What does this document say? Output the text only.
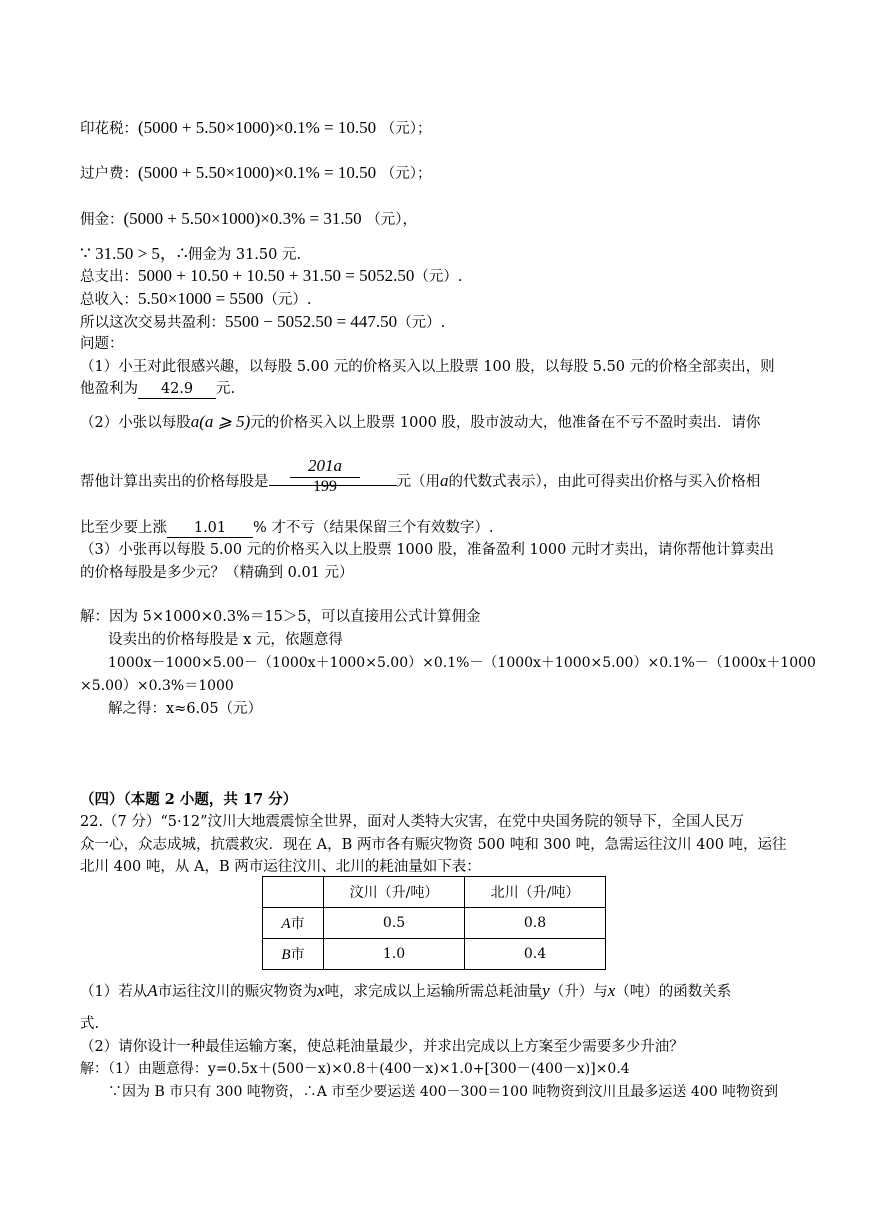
印花税：(5000 + 5.50×1000)×0.1% = 10.50 （元）；
过户费：(5000 + 5.50×1000)×0.1% = 10.50 （元）；
佣金：(5000 + 5.50×1000)×0.3% = 31.50 （元），
∵ 31.50 > 5，∴佣金为 31.50 元.
总支出：5000 + 10.50 + 10.50 + 31.50 = 5052.50（元）.
总收入：5.50×1000 = 5500（元）.
所以这次交易共盈利：5500 − 5052.50 = 447.50（元）.
问题：
（1）小王对此很感兴趣，以每股 5.00 元的价格买入以上股票 100 股，以每股 5.50 元的价格全部卖出，则
他盈利为 42.9 元.
（2）小张以每股a(a ⩾ 5)元的价格买入以上股票 1000 股，股市波动大，他准备在不亏不盈时卖出．请你
$\frac{201a}{199}$
帮他计算出卖出的价格每股是	元（用a的代数式表示），由此可得卖出价格与买入价格相
比至少要上涨 1.01 % 才不亏（结果保留三个有效数字）.
（3）小张再以每股 5.00 元的价格买入以上股票 1000 股，准备盈利 1000 元时才卖出，请你帮他计算卖出
的价格每股是多少元？（精确到 0.01 元）
解：因为 5×1000×0.3%＝15＞5，可以直接用公式计算佣金
设卖出的价格每股是 x 元，依题意得
1000x－1000×5.00－（1000x＋1000×5.00）×0.1%－（1000x＋1000×5.00）×0.1%－（1000x＋1000
×5.00）×0.3%＝1000
解之得：x≈6.05（元）
（四）（本题 2 小题，共 17 分）
22.（7 分）“5·12”汶川大地震震惊全世界，面对人类特大灾害，在党中央国务院的领导下，全国人民万
众一心，众志成城，抗震救灾．现在 A，B 两市各有赈灾物资 500 吨和 300 吨，急需运往汶川 400 吨，运往
北川 400 吨，从 A，B 两市运往汶川、北川的耗油量如下表：
	汶川（升/吨）	北川（升/吨）
A市	0.5	0.8
B市	1.0	0.4
（1）若从A市运往汶川的赈灾物资为x吨，求完成以上运输所需总耗油量y（升）与x（吨）的函数关系
式.
（2）请你设计一种最佳运输方案，使总耗油量最少，并求出完成以上方案至少需要多少升油？
解：（1）由题意得：y=0.5x＋(500－x)×0.8＋(400－x)×1.0+[300－(400－x)]×0.4
∵因为 B 市只有 300 吨物资，∴A 市至少要运送 400－300＝100 吨物资到汶川且最多运送 400 吨物资到
